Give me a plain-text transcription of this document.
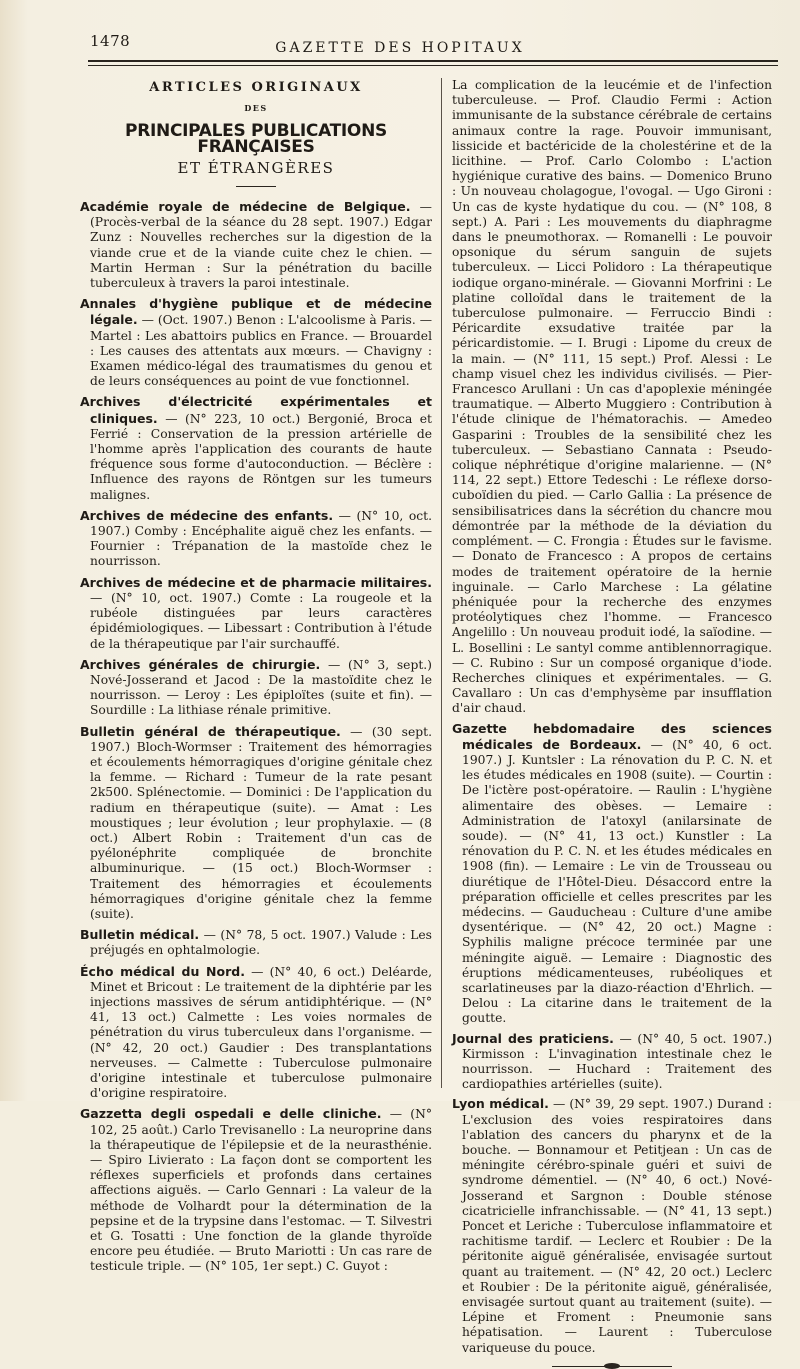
1478	GAZETTE DES HOPITAUX

ARTICLES ORIGINAUX

DES

PRINCIPALES PUBLICATIONS FRANÇAISES

ET ÉTRANGÈRES

Académie royale de médecine de Belgique. — (Procès-verbal de la séance du 28 sept. 1907.) Edgar Zunz : Nouvelles recherches sur la digestion de la viande crue et de la viande cuite chez le chien. — Martin Herman : Sur la pénétration du bacille tuberculeux à travers la paroi intestinale.

Annales d'hygiène publique et de médecine légale. — (Oct. 1907.) Benon : L'alcoolisme à Paris. — Martel : Les abattoirs publics en France. — Brouardel : Les causes des attentats aux mœurs. — Chavigny : Examen médico-légal des traumatismes du genou et de leurs conséquences au point de vue fonctionnel.

Archives d'électricité expérimentales et cliniques. — (N° 223, 10 oct.) Bergonié, Broca et Ferrié : Conservation de la pression artérielle de l'homme après l'application des courants de haute fréquence sous forme d'autoconduction. — Béclère : Influence des rayons de Röntgen sur les tumeurs malignes.

Archives de médecine des enfants. — (N° 10, oct. 1907.) Comby : Encéphalite aiguë chez les enfants. — Fournier : Trépanation de la mastoïde chez le nourrisson.

Archives de médecine et de pharmacie militaires. — (N° 10, oct. 1907.) Comte : La rougeole et la rubéole distinguées par leurs caractères épidémiologiques. — Libessart : Contribution à l'étude de la thérapeutique par l'air surchauffé.

Archives générales de chirurgie. — (N° 3, sept.) Nové-Josserand et Jacod : De la mastoïdite chez le nourrisson. — Leroy : Les épiploïtes (suite et fin). — Sourdille : La lithiase rénale primitive.

Bulletin général de thérapeutique. — (30 sept. 1907.) Bloch-Wormser : Traitement des hémorragies et écoulements hémorragiques d'origine génitale chez la femme. — Richard : Tumeur de la rate pesant 2k500. Splénectomie. — Dominici : De l'application du radium en thérapeutique (suite). — Amat : Les moustiques ; leur évolution ; leur prophylaxie. — (8 oct.) Albert Robin : Traitement d'un cas de pyélonéphrite compliquée de bronchite albuminurique. — (15 oct.) Bloch-Wormser : Traitement des hémorragies et écoulements hémorragiques d'origine génitale chez la femme (suite).

Bulletin médical. — (N° 78, 5 oct. 1907.) Valude : Les préjugés en ophtalmologie.

Écho médical du Nord. — (N° 40, 6 oct.) Deléarde, Minet et Bricout : Le traitement de la diphtérie par les injections massives de sérum antidiphtérique. — (N° 41, 13 oct.) Calmette : Les voies normales de pénétration du virus tuberculeux dans l'organisme. — (N° 42, 20 oct.) Gaudier : Des transplantations nerveuses. — Calmette : Tuberculose pulmonaire d'origine intestinale et tuberculose pulmonaire d'origine respiratoire.

Gazzetta degli ospedali e delle cliniche. — (N° 102, 25 août.) Carlo Trevisanello : La neuroprine dans la thérapeutique de l'épilepsie et de la neurasthénie. — Spiro Livierato : La façon dont se comportent les réflexes superficiels et profonds dans certaines affections aiguës. — Carlo Gennari : La valeur de la méthode de Volhardt pour la détermination de la pepsine et de la trypsine dans l'estomac. — T. Silvestri et G. Tosatti : Une fonction de la glande thyroïde encore peu étudiée. — Bruto Mariotti : Un cas rare de testicule triple. — (N° 105, 1er sept.) C. Guyot :

La complication de la leucémie et de l'infection tuberculeuse. — Prof. Claudio Fermi : Action immunisante de la substance cérébrale de certains animaux contre la rage. Pouvoir immunisant, lissicide et bactéricide de la cholestérine et de la licithine. — Prof. Carlo Colombo : L'action hygiénique curative des bains. — Domenico Bruno : Un nouveau cholagogue, l'ovogal. — Ugo Gironi : Un cas de kyste hydatique du cou. — (N° 108, 8 sept.) A. Pari : Les mouvements du diaphragme dans le pneumothorax. — Romanelli : Le pouvoir opsonique du sérum sanguin de sujets tuberculeux. — Licci Polidoro : La thérapeutique iodique organo-minérale. — Giovanni Morfrini : Le platine colloïdal dans le traitement de la tuberculose pulmonaire. — Ferruccio Bindi : Péricardite exsudative traitée par la péricardistomie. — I. Brugi : Lipome du creux de la main. — (N° 111, 15 sept.) Prof. Alessi : Le champ visuel chez les individus civilisés. — Pier-Francesco Arullani : Un cas d'apoplexie méningée traumatique. — Alberto Muggiero : Contribution à l'étude clinique de l'hématorachis. — Amedeo Gasparini : Troubles de la sensibilité chez les tuberculeux. — Sebastiano Cannata : Pseudo-colique néphrétique d'origine malarienne. — (N° 114, 22 sept.) Ettore Tedeschi : Le réflexe dorso-cuboïdien du pied. — Carlo Gallia : La présence de sensibilisatrices dans la sécrétion du chancre mou démontrée par la méthode de la déviation du complément. — C. Frongia : Études sur le favisme. — Donato de Francesco : A propos de certains modes de traitement opératoire de la hernie inguinale. — Carlo Marchese : La gélatine phéniquée pour la recherche des enzymes protéolytiques chez l'homme. — Francesco Angelillo : Un nouveau produit iodé, la saïodine. — L. Bosellini : Le santyl comme antiblennorragique. — C. Rubino : Sur un composé organique d'iode. Recherches cliniques et expérimentales. — G. Cavallaro : Un cas d'emphysème par insufflation d'air chaud.

Gazette hebdomadaire des sciences médicales de Bordeaux. — (N° 40, 6 oct. 1907.) J. Kuntsler : La rénovation du P. C. N. et les études médicales en 1908 (suite). — Courtin : De l'ictère post-opératoire. — Raulin : L'hygiène alimentaire des obèses. — Lemaire : Administration de l'atoxyl (anilarsinate de soude). — (N° 41, 13 oct.) Kunstler : La rénovation du P. C. N. et les études médicales en 1908 (fin). — Lemaire : Le vin de Trousseau ou diurétique de l'Hôtel-Dieu. Désaccord entre la préparation officielle et celles prescrites par les médecins. — Gauducheau : Culture d'une amibe dysentérique. — (N° 42, 20 oct.) Magne : Syphilis maligne précoce terminée par une méningite aiguë. — Lemaire : Diagnostic des éruptions médicamenteuses, rubéoliques et scarlatineuses par la diazo-réaction d'Ehrlich. — Delou : La citarine dans le traitement de la goutte.

Journal des praticiens. — (N° 40, 5 oct. 1907.) Kirmisson : L'invagination intestinale chez le nourrisson. — Huchard : Traitement des cardiopathies artérielles (suite).

Lyon médical. — (N° 39, 29 sept. 1907.) Durand : L'exclusion des voies respiratoires dans l'ablation des cancers du pharynx et de la bouche. — Bonnamour et Petitjean : Un cas de méningite cérébro-spinale guéri et suivi de syndrome démentiel. — (N° 40, 6 oct.) Nové-Josserand et Sargnon : Double sténose cicatricielle infranchissable. — (N° 41, 13 sept.) Poncet et Leriche : Tuberculose inflammatoire et rachitisme tardif. — Leclerc et Roubier : De la péritonite aiguë généralisée, envisagée surtout quant au traitement. — (N° 42, 20 oct.) Leclerc et Roubier : De la péritonite aiguë, généralisée, envisagée surtout quant au traitement (suite). — Lépine et Froment : Pneumonie sans hépatisation. — Laurent : Tuberculose variqueuse du pouce.
